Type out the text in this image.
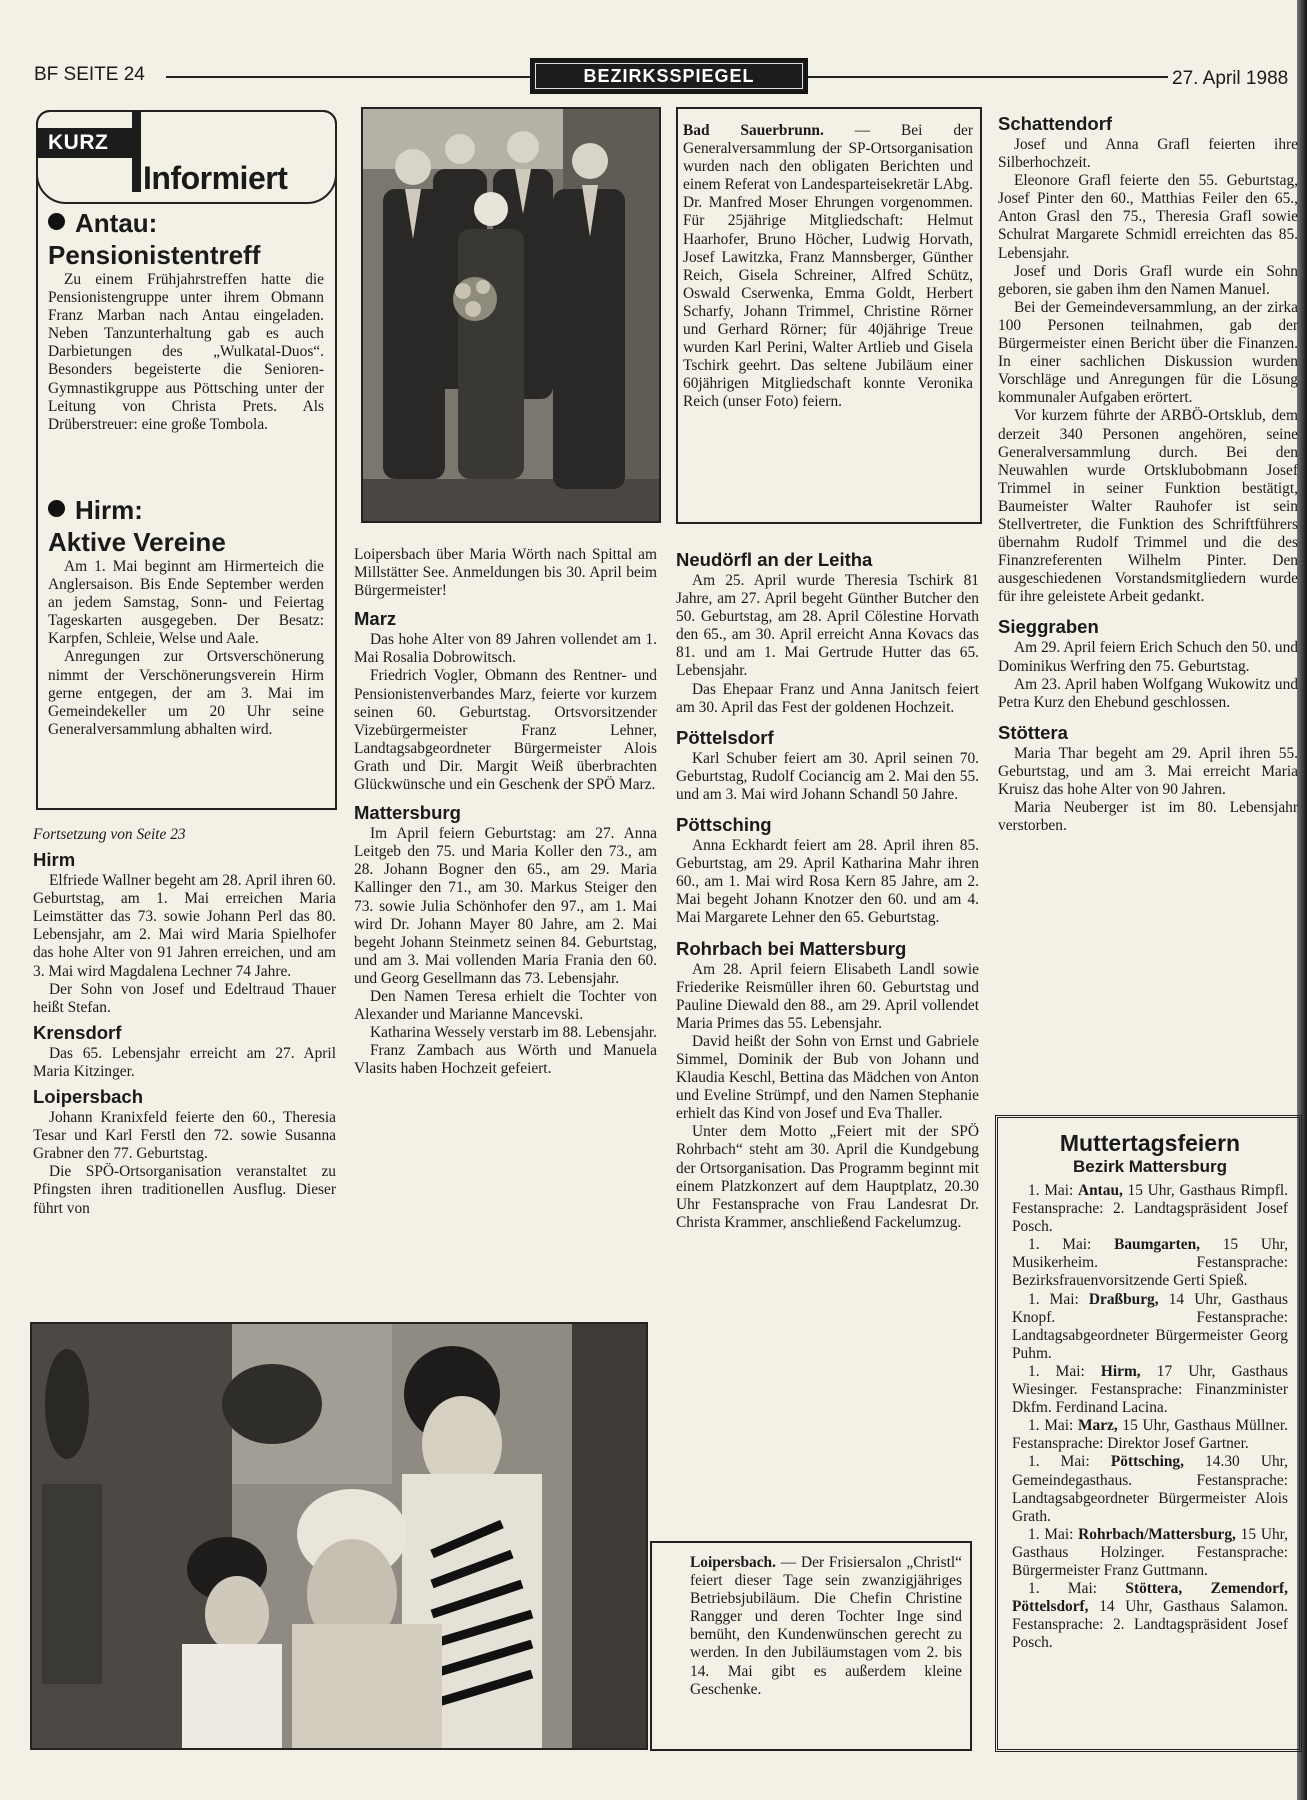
BF SEITE 24	BEZIRKSSPIEGEL	27. April 1988
KURZ
Informiert
Antau:
Pensionistentreff

Zu einem Frühjahrstreffen hatte die Pensionistengruppe unter ihrem Obmann Franz Marban nach Antau eingeladen. Neben Tanzunterhaltung gab es auch Darbietungen des „Wulkatal-Duos“. Besonders begeisterte die Senioren-Gymnastikgruppe aus Pöttsching unter der Leitung von Christa Prets. Als Drüberstreuer: eine große Tombola.

Hirm:
Aktive Vereine

Am 1. Mai beginnt am Hirmerteich die Anglersaison. Bis Ende September werden an jedem Samstag, Sonn- und Feiertag Tageskarten ausgegeben. Der Besatz: Karpfen, Schleie, Welse und Aale.

Anregungen zur Ortsverschönerung nimmt der Verschönerungsverein Hirm gerne entgegen, der am 3. Mai im Gemeindekeller um 20 Uhr seine Generalversammlung abhalten wird.

Fortsetzung von Seite 23

Hirm

Elfriede Wallner begeht am 28. April ihren 60. Geburtstag, am 1. Mai erreichen Maria Leimstätter das 73. sowie Johann Perl das 80. Lebensjahr, am 2. Mai wird Maria Spielhofer das hohe Alter von 91 Jahren erreichen, und am 3. Mai wird Magdalena Lechner 74 Jahre.

Der Sohn von Josef und Edeltraud Thauer heißt Stefan.

Krensdorf

Das 65. Lebensjahr erreicht am 27. April Maria Kitzinger.

Loipersbach

Johann Kranixfeld feierte den 60., Theresia Tesar und Karl Ferstl den 72. sowie Susanna Grabner den 77. Geburtstag.

Die SPÖ-Ortsorganisation veranstaltet zu Pfingsten ihren traditionellen Ausflug. Dieser führt von

Bad Sauerbrunn. — Bei der Generalversammlung der SP-Ortsorganisation wurden nach den obligaten Berichten und einem Referat von Landesparteisekretär LAbg. Dr. Manfred Moser Ehrungen vorgenommen. Für 25jährige Mitgliedschaft: Helmut Haarhofer, Bruno Höcher, Ludwig Horvath, Josef Lawitzka, Franz Mannsberger, Günther Reich, Gisela Schreiner, Alfred Schütz, Oswald Cserwenka, Emma Goldt, Herbert Scharfy, Johann Trimmel, Christine Rörner und Gerhard Rörner; für 40jährige Treue wurden Karl Perini, Walter Artlieb und Gisela Tschirk geehrt. Das seltene Jubiläum einer 60jährigen Mitgliedschaft konnte Veronika Reich (unser Foto) feiern.

Loipersbach über Maria Wörth nach Spittal am Millstätter See. Anmeldungen bis 30. April beim Bürgermeister!

Marz

Das hohe Alter von 89 Jahren vollendet am 1. Mai Rosalia Dobrowitsch.

Friedrich Vogler, Obmann des Rentner- und Pensionistenverbandes Marz, feierte vor kurzem seinen 60. Geburtstag. Ortsvorsitzender Vizebürgermeister Franz Lehner, Landtagsabgeordneter Bürgermeister Alois Grath und Dir. Margit Weiß überbrachten Glückwünsche und ein Geschenk der SPÖ Marz.

Mattersburg

Im April feiern Geburtstag: am 27. Anna Leitgeb den 75. und Maria Koller den 73., am 28. Johann Bogner den 65., am 29. Maria Kallinger den 71., am 30. Markus Steiger den 73. sowie Julia Schönhofer den 97., am 1. Mai wird Dr. Johann Mayer 80 Jahre, am 2. Mai begeht Johann Steinmetz seinen 84. Geburtstag, und am 3. Mai vollenden Maria Frania den 60. und Georg Gesellmann das 73. Lebensjahr.

Den Namen Teresa erhielt die Tochter von Alexander und Marianne Mancevski.

Katharina Wessely verstarb im 88. Lebensjahr.

Franz Zambach aus Wörth und Manuela Vlasits haben Hochzeit gefeiert.

Neudörfl an der Leitha

Am 25. April wurde Theresia Tschirk 81 Jahre, am 27. April begeht Günther Butcher den 50. Geburtstag, am 28. April Cölestine Horvath den 65., am 30. April erreicht Anna Kovacs das 81. und am 1. Mai Gertrude Hutter das 65. Lebensjahr.

Das Ehepaar Franz und Anna Janitsch feiert am 30. April das Fest der goldenen Hochzeit.

Pöttelsdorf

Karl Schuber feiert am 30. April seinen 70. Geburtstag, Rudolf Cociancig am 2. Mai den 55. und am 3. Mai wird Johann Schandl 50 Jahre.

Pöttsching

Anna Eckhardt feiert am 28. April ihren 85. Geburtstag, am 29. April Katharina Mahr ihren 60., am 1. Mai wird Rosa Kern 85 Jahre, am 2. Mai begeht Johann Knotzer den 60. und am 4. Mai Margarete Lehner den 65. Geburtstag.

Rohrbach bei Mattersburg

Am 28. April feiern Elisabeth Landl sowie Friederike Reismüller ihren 60. Geburtstag und Pauline Diewald den 88., am 29. April vollendet Maria Primes das 55. Lebensjahr.

David heißt der Sohn von Ernst und Gabriele Simmel, Dominik der Bub von Johann und Klaudia Keschl, Bettina das Mädchen von Anton und Eveline Strümpf, und den Namen Stephanie erhielt das Kind von Josef und Eva Thaller.

Unter dem Motto „Feiert mit der SPÖ Rohrbach“ steht am 30. April die Kundgebung der Ortsorganisation. Das Programm beginnt mit einem Platzkonzert auf dem Hauptplatz, 20.30 Uhr Festansprache von Frau Landesrat Dr. Christa Krammer, anschließend Fackelumzug.

Schattendorf

Josef und Anna Grafl feierten ihre Silberhochzeit.

Eleonore Grafl feierte den 55. Geburtstag, Josef Pinter den 60., Matthias Feiler den 65., Anton Grasl den 75., Theresia Grafl sowie Schulrat Margarete Schmidl erreichten das 85. Lebensjahr.

Josef und Doris Grafl wurde ein Sohn geboren, sie gaben ihm den Namen Manuel.

Bei der Gemeindeversammlung, an der zirka 100 Personen teilnahmen, gab der Bürgermeister einen Bericht über die Finanzen. In einer sachlichen Diskussion wurden Vorschläge und Anregungen für die Lösung kommunaler Aufgaben erörtert.

Vor kurzem führte der ARBÖ-Ortsklub, dem derzeit 340 Personen angehören, seine Generalversammlung durch. Bei den Neuwahlen wurde Ortsklubobmann Josef Trimmel in seiner Funktion bestätigt, Baumeister Walter Rauhofer ist sein Stellvertreter, die Funktion des Schriftführers übernahm Rudolf Trimmel und die des Finanzreferenten Wilhelm Pinter. Den ausgeschiedenen Vorstandsmitgliedern wurde für ihre geleistete Arbeit gedankt.

Sieggraben

Am 29. April feiern Erich Schuch den 50. und Dominikus Werfring den 75. Geburtstag.

Am 23. April haben Wolfgang Wukowitz und Petra Kurz den Ehebund geschlossen.

Stöttera

Maria Thar begeht am 29. April ihren 55. Geburtstag, und am 3. Mai erreicht Maria Kruisz das hohe Alter von 90 Jahren.

Maria Neuberger ist im 80. Lebensjahr verstorben.

Muttertagsfeiern
Bezirk Mattersburg

1. Mai: Antau, 15 Uhr, Gasthaus Rimpfl. Festansprache: 2. Landtagspräsident Josef Posch.

1. Mai: Baumgarten, 15 Uhr, Musikerheim. Festansprache: Bezirksfrauenvorsitzende Gerti Spieß.

1. Mai: Draßburg, 14 Uhr, Gasthaus Knopf. Festansprache: Landtagsabgeordneter Bürgermeister Georg Puhm.

1. Mai: Hirm, 17 Uhr, Gasthaus Wiesinger. Festansprache: Finanzminister Dkfm. Ferdinand Lacina.

1. Mai: Marz, 15 Uhr, Gasthaus Müllner. Festansprache: Direktor Josef Gartner.

1. Mai: Pöttsching, 14.30 Uhr, Gemeindegasthaus. Festansprache: Landtagsabgeordneter Bürgermeister Alois Grath.

1. Mai: Rohrbach/Mattersburg, 15 Uhr, Gasthaus Holzinger. Festansprache: Bürgermeister Franz Guttmann.

1. Mai: Stöttera, Zemendorf, Pöttelsdorf, 14 Uhr, Gasthaus Salamon. Festansprache: 2. Landtagspräsident Josef Posch.

Loipersbach. — Der Frisiersalon „Christl“ feiert dieser Tage sein zwanzigjähriges Betriebsjubiläum. Die Chefin Christine Rangger und deren Tochter Inge sind bemüht, den Kundenwünschen gerecht zu werden. In den Jubiläumstagen vom 2. bis 14. Mai gibt es außerdem kleine Geschenke.
